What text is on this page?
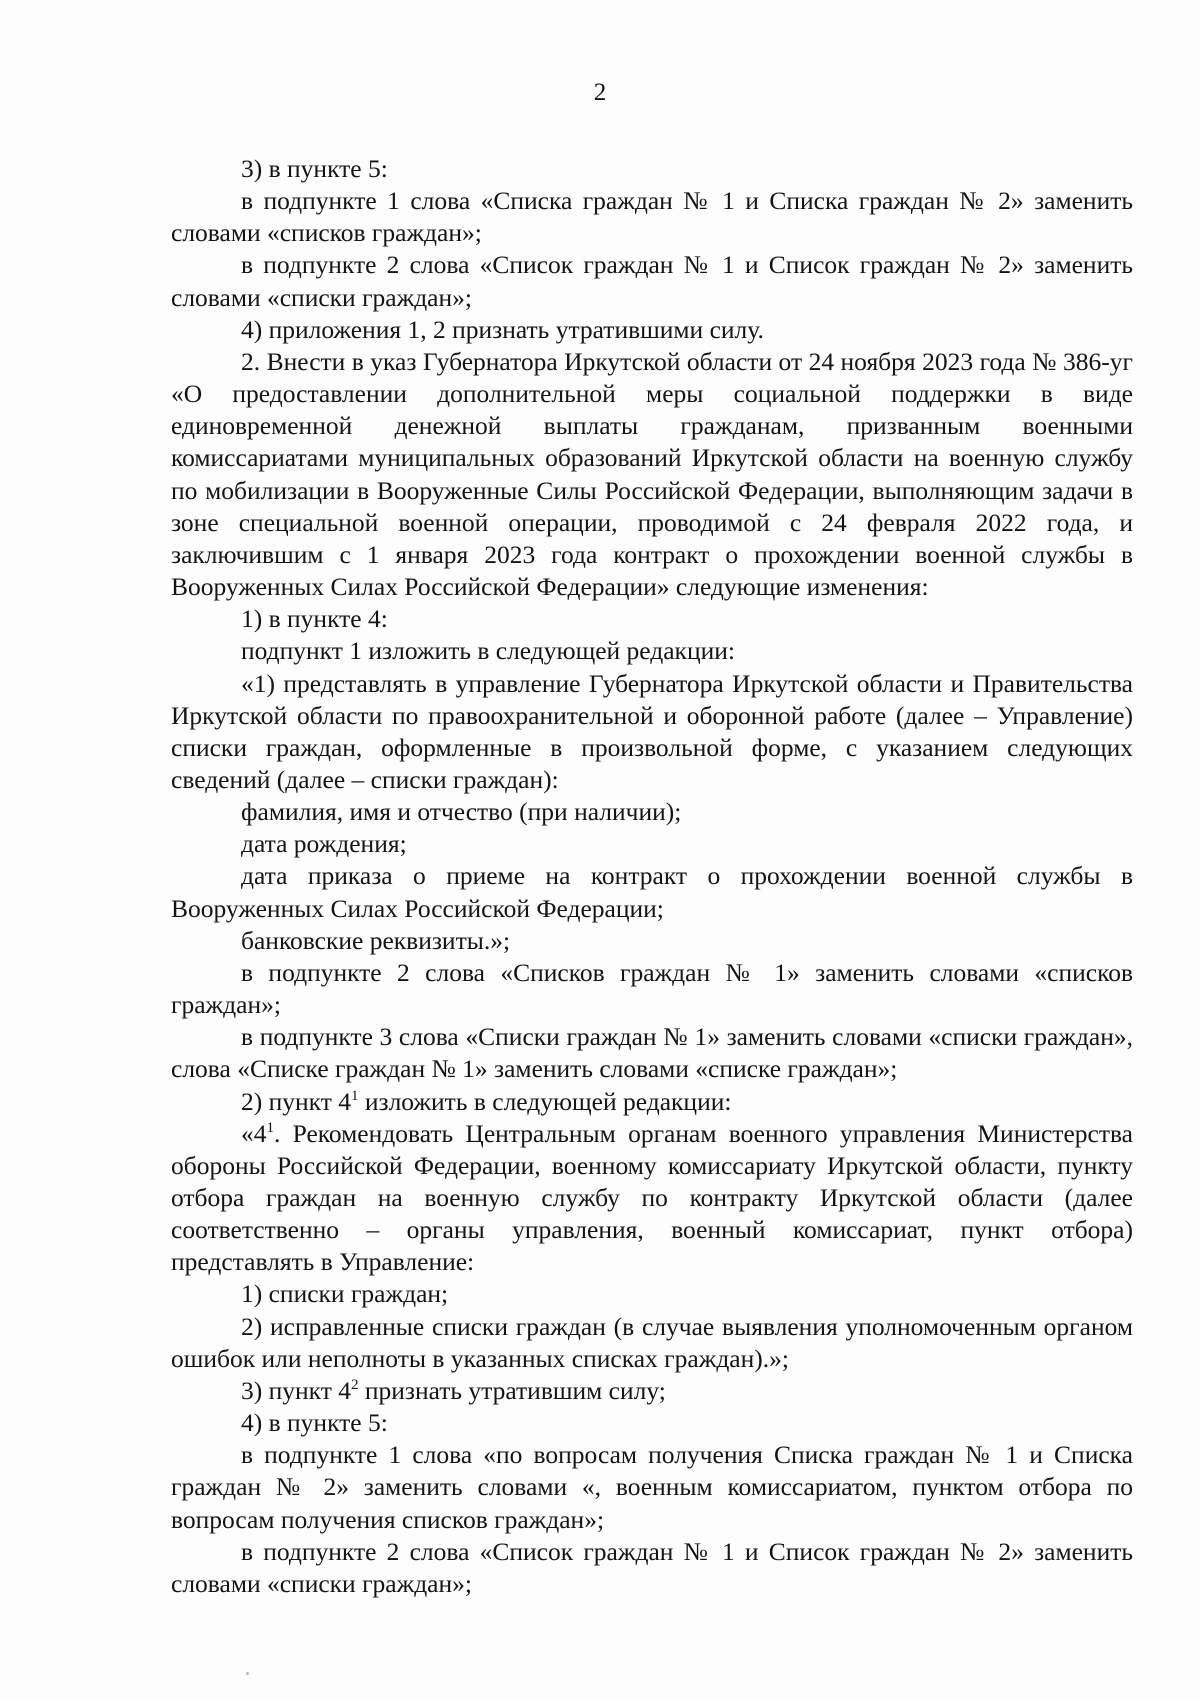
2

3) в пункте 5:

в подпункте 1 слова «Списка граждан № 1 и Списка граждан № 2» заменить словами «списков граждан»;

в подпункте 2 слова «Список граждан № 1 и Список граждан № 2» заменить словами «списки граждан»;

4) приложения 1, 2 признать утратившими силу.

2. Внести в указ Губернатора Иркутской области от 24 ноября 2023 года № 386-уг «О предоставлении дополнительной меры социальной поддержки в виде единовременной денежной выплаты гражданам, призванным военными комиссариатами муниципальных образований Иркутской области на военную службу по мобилизации в Вооруженные Силы Российской Федерации, выполняющим задачи в зоне специальной военной операции, проводимой с 24 февраля 2022 года, и заключившим с 1 января 2023 года контракт о прохождении военной службы в Вооруженных Силах Российской Федерации» следующие изменения:

1) в пункте 4:

подпункт 1 изложить в следующей редакции:

«1) представлять в управление Губернатора Иркутской области и Правительства Иркутской области по правоохранительной и оборонной работе (далее – Управление) списки граждан, оформленные в произвольной форме, с указанием следующих сведений (далее – списки граждан):

фамилия, имя и отчество (при наличии);

дата рождения;

дата приказа о приеме на контракт о прохождении военной службы в Вооруженных Силах Российской Федерации;

банковские реквизиты.»;

в подпункте 2 слова «Списков граждан № 1» заменить словами «списков граждан»;

в подпункте 3 слова «Списки граждан № 1» заменить словами «списки граждан», слова «Списке граждан № 1» заменить словами «списке граждан»;

2) пункт $4^1$ изложить в следующей редакции:

«$4^1$. Рекомендовать Центральным органам военного управления Министерства обороны Российской Федерации, военному комиссариату Иркутской области, пункту отбора граждан на военную службу по контракту Иркутской области (далее соответственно – органы управления, военный комиссариат, пункт отбора) представлять в Управление:

1) списки граждан;

2) исправленные списки граждан (в случае выявления уполномоченным органом ошибок или неполноты в указанных списках граждан).»;

3) пункт $4^2$ признать утратившим силу;

4) в пункте 5:

в подпункте 1 слова «по вопросам получения Списка граждан № 1 и Списка граждан № 2» заменить словами «, военным комиссариатом, пунктом отбора по вопросам получения списков граждан»;

в подпункте 2 слова «Список граждан № 1 и Список граждан № 2» заменить словами «списки граждан»;
